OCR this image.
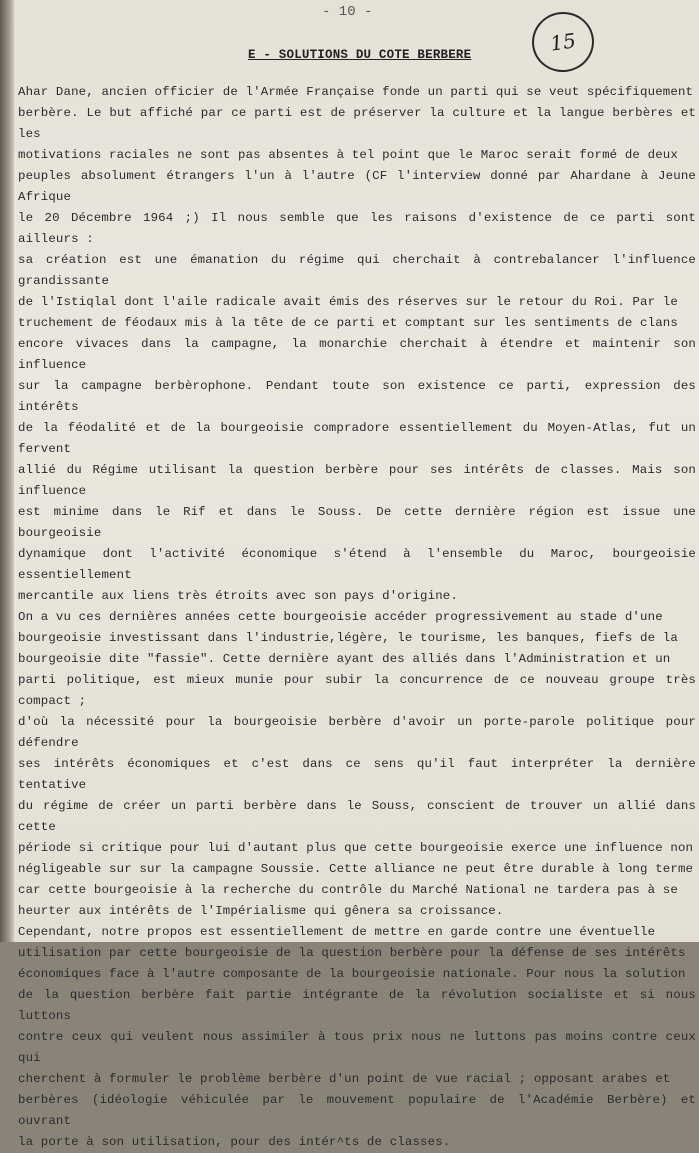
- 10 -
15
E - SOLUTIONS DU COTE BERBERE

Ahar Dane, ancien officier de l'Armée Française fonde un parti qui se veut spécifiquement
berbère. Le but affiché par ce parti est de préserver la culture et la langue berbères et les
motivations raciales ne sont pas absentes à tel point que le Maroc serait formé de deux
peuples absolument étrangers l'un à l'autre (CF l'interview donné par Ahardane à Jeune Afrique
le 20 Décembre 1964 ;) Il nous semble que les raisons d'existence de ce parti sont ailleurs :
sa création est une émanation du régime qui cherchait à contrebalancer l'influence grandissante
de l'Istiqlal dont l'aile radicale avait émis des réserves sur le retour du Roi. Par le
truchement de féodaux mis à la tête de ce parti et comptant sur les sentiments de clans
encore vivaces dans la campagne, la monarchie cherchait à étendre et maintenir son influence
sur la campagne berbèrophone. Pendant toute son existence ce parti, expression des intérêts
de la féodalité et de la bourgeoisie compradore essentiellement du Moyen-Atlas, fut un fervent
allié du Régime utilisant la question berbère pour ses intérêts de classes. Mais son influence
est minime dans le Rif et dans le Souss. De cette dernière région est issue une bourgeoisie
dynamique dont l'activité économique s'étend à l'ensemble du Maroc, bourgeoisie essentiellement
mercantile aux liens très étroits avec son pays d'origine.

On a vu ces dernières années cette bourgeoisie accéder progressivement au stade d'une
bourgeoisie investissant dans l'industrie,légère, le tourisme, les banques, fiefs de la
bourgeoisie dite "fassie". Cette dernière ayant des alliés dans l'Administration et un
parti politique, est mieux munie pour subir la concurrence de ce nouveau groupe très compact ;
d'où la nécessité pour la bourgeoisie berbère d'avoir un porte-parole politique pour défendre
ses intérêts économiques et c'est dans ce sens qu'il faut interpréter la dernière tentative
du régime de créer un parti berbère dans le Souss, conscient de trouver un allié dans cette
période si critique pour lui d'autant plus que cette bourgeoisie exerce une influence non
négligeable sur sur la campagne Soussie. Cette alliance ne peut être durable à long terme
car cette bourgeoisie à la recherche du contrôle du Marché National ne tardera pas à se
heurter aux intérêts de l'Impérialisme qui gênera sa croissance.

Cependant, notre propos est essentiellement de mettre en garde contre une éventuelle
utilisation par cette bourgeoisie de la question berbère pour la défense de ses intérêts
économiques face à l'autre composante de la bourgeoisie nationale. Pour nous la solution
de la question berbère fait partie intégrante de la révolution socialiste et si nous luttons
contre ceux qui veulent nous assimiler à tous prix nous ne luttons pas moins contre ceux qui
cherchent à formuler le problème berbère d'un point de vue racial ; opposant arabes et
berbères (idéologie véhiculée par le mouvement populaire de l'Académie Berbère) et ouvrant
la porte à son utilisation, pour des intér^ts de classes.
